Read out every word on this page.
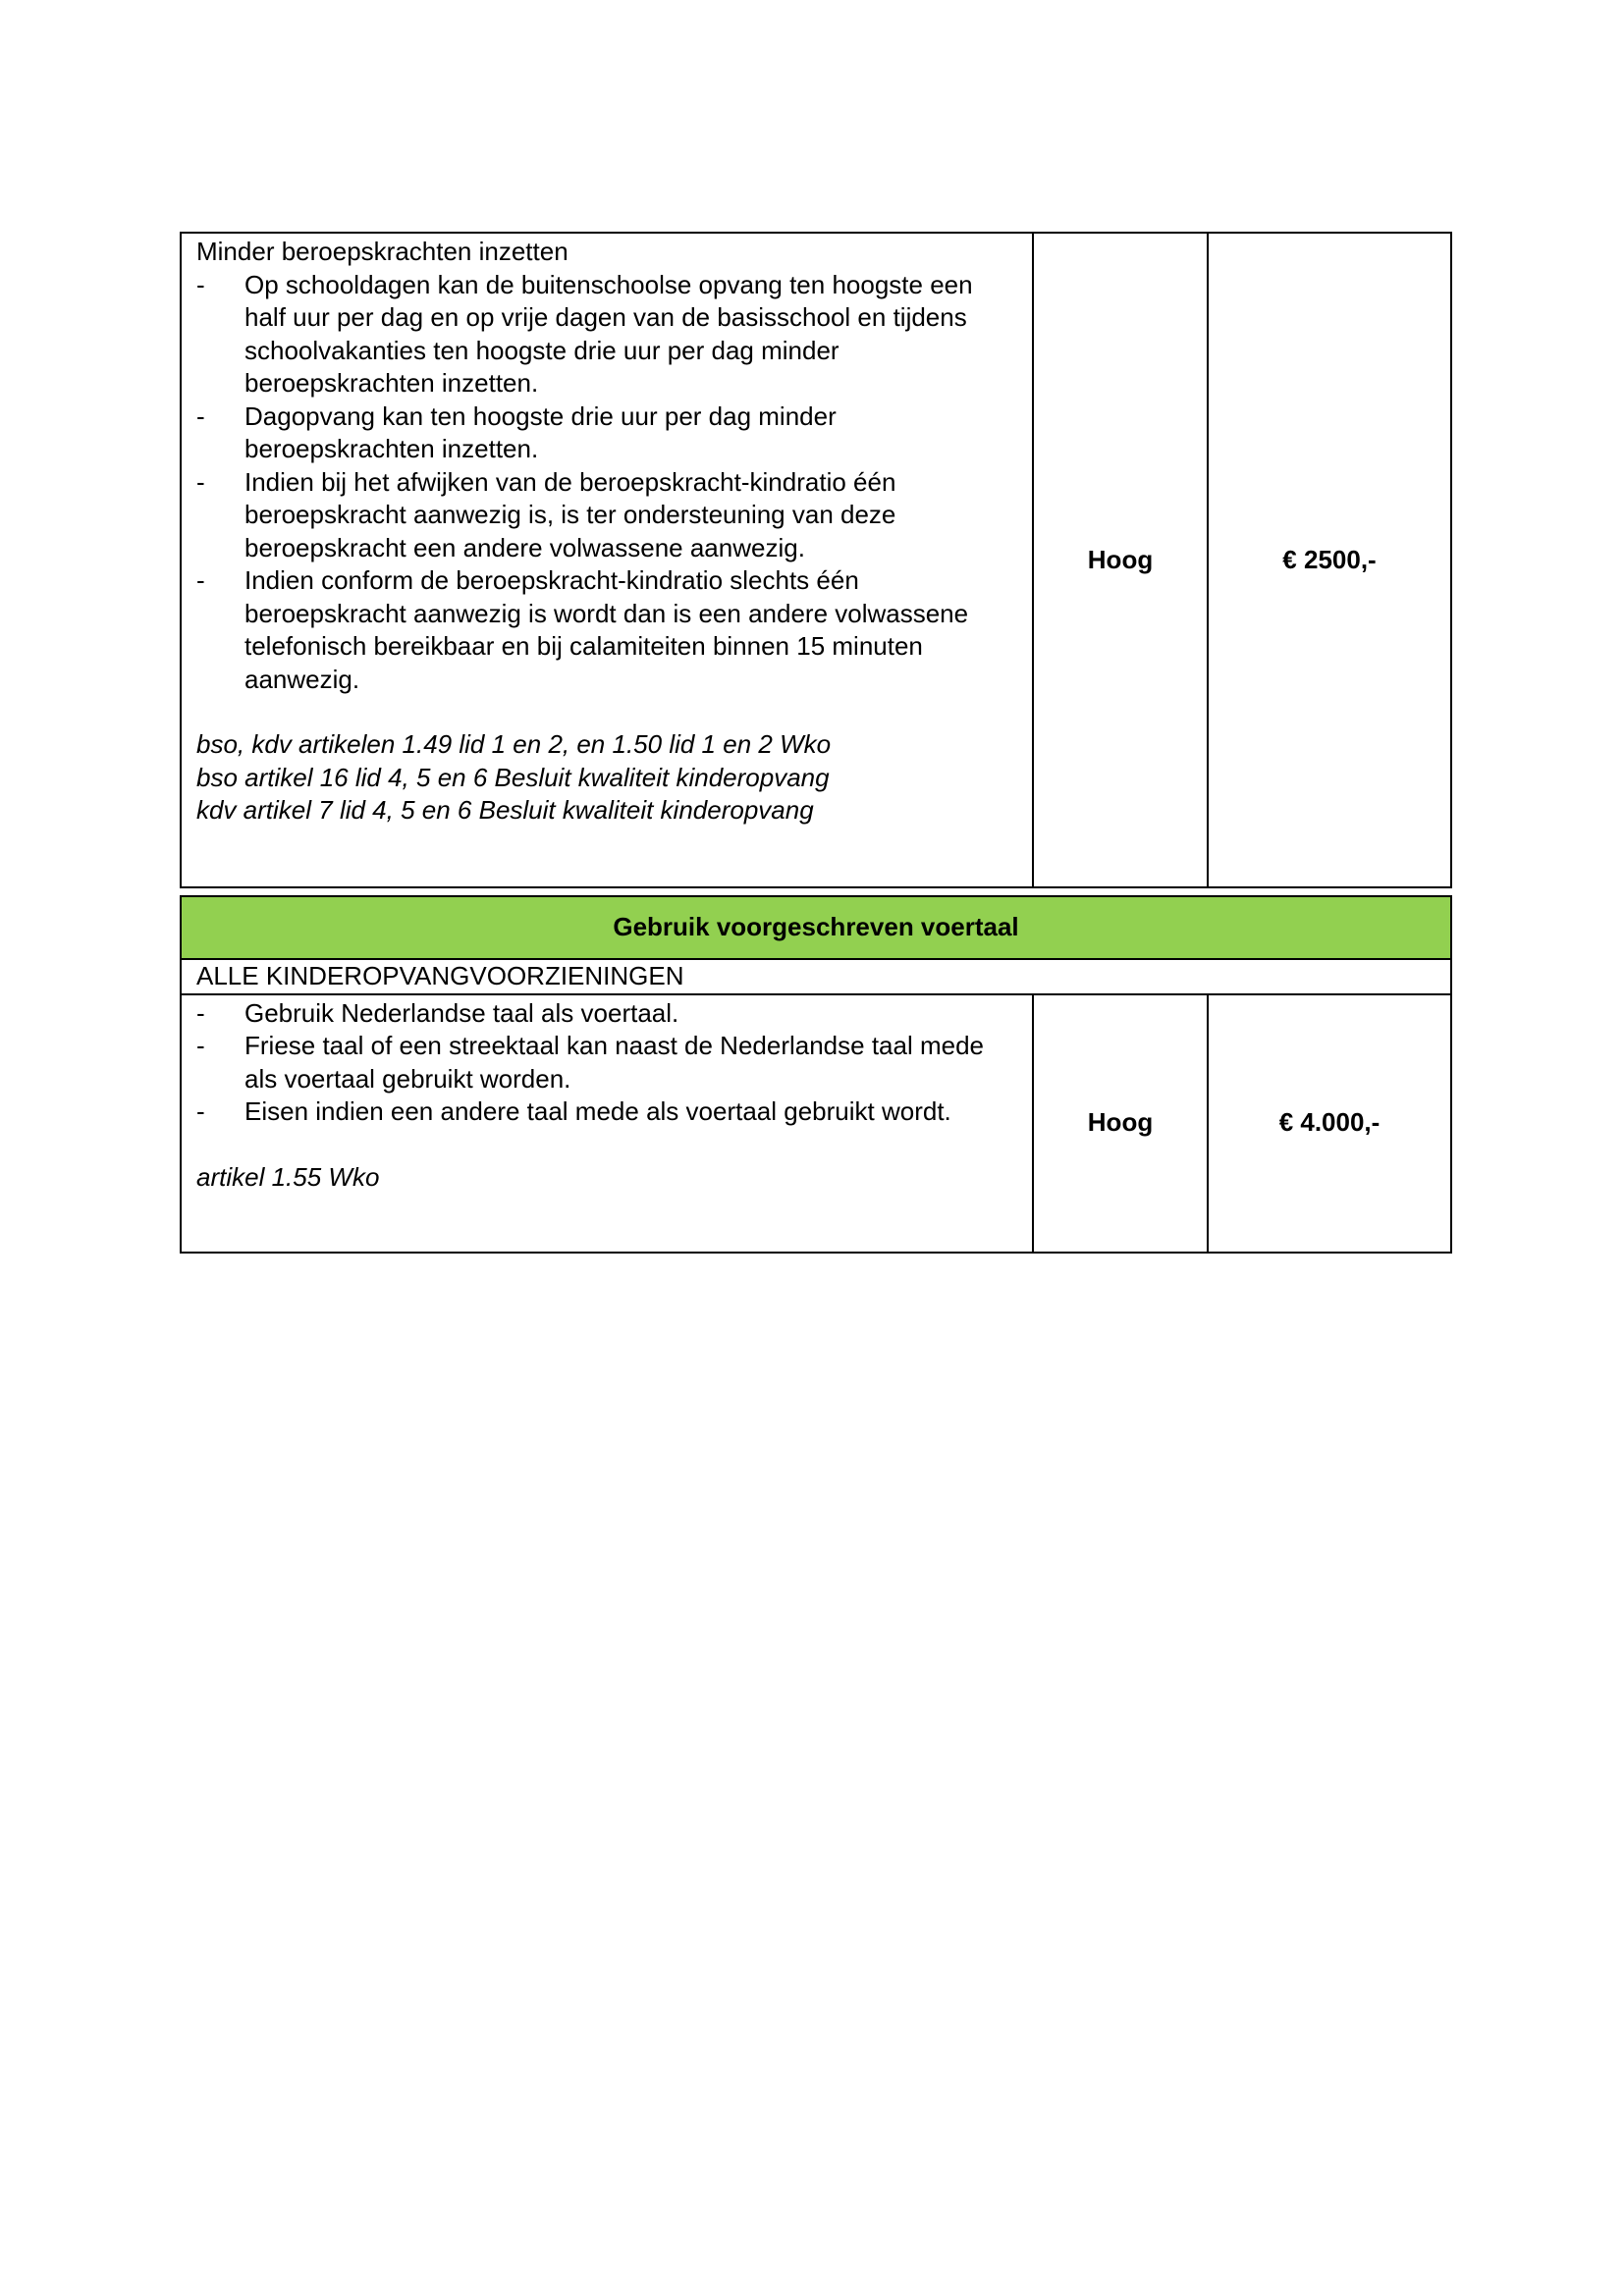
Minder beroepskrachten inzetten
- Op schooldagen kan de buitenschoolse opvang ten hoogste een half uur per dag en op vrije dagen van de basisschool en tijdens schoolvakanties ten hoogste drie uur per dag minder beroepskrachten inzetten.
- Dagopvang kan ten hoogste drie uur per dag minder beroepskrachten inzetten.
- Indien bij het afwijken van de beroepskracht-kindratio één beroepskracht aanwezig is, is ter ondersteuning van deze beroepskracht een andere volwassene aanwezig.
- Indien conform de beroepskracht-kindratio slechts één beroepskracht aanwezig is wordt dan is een andere volwassene telefonisch bereikbaar en bij calamiteiten binnen 15 minuten aanwezig.
bso, kdv artikelen 1.49 lid 1 en 2, en 1.50 lid 1 en 2 Wko
bso artikel 16 lid 4, 5 en 6 Besluit kwaliteit kinderopvang
kdv artikel 7 lid 4, 5 en 6 Besluit kwaliteit kinderopvang
	Hoog	€ 2500,-
Gebruik voorgeschreven voertaal
ALLE KINDEROPVANGVOORZIENINGEN

- Gebruik Nederlandse taal als voertaal.
- Friese taal of een streektaal kan naast de Nederlandse taal mede als voertaal gebruikt worden.
- Eisen indien een andere taal mede als voertaal gebruikt wordt.
artikel 1.55 Wko
	Hoog	€ 4.000,-
